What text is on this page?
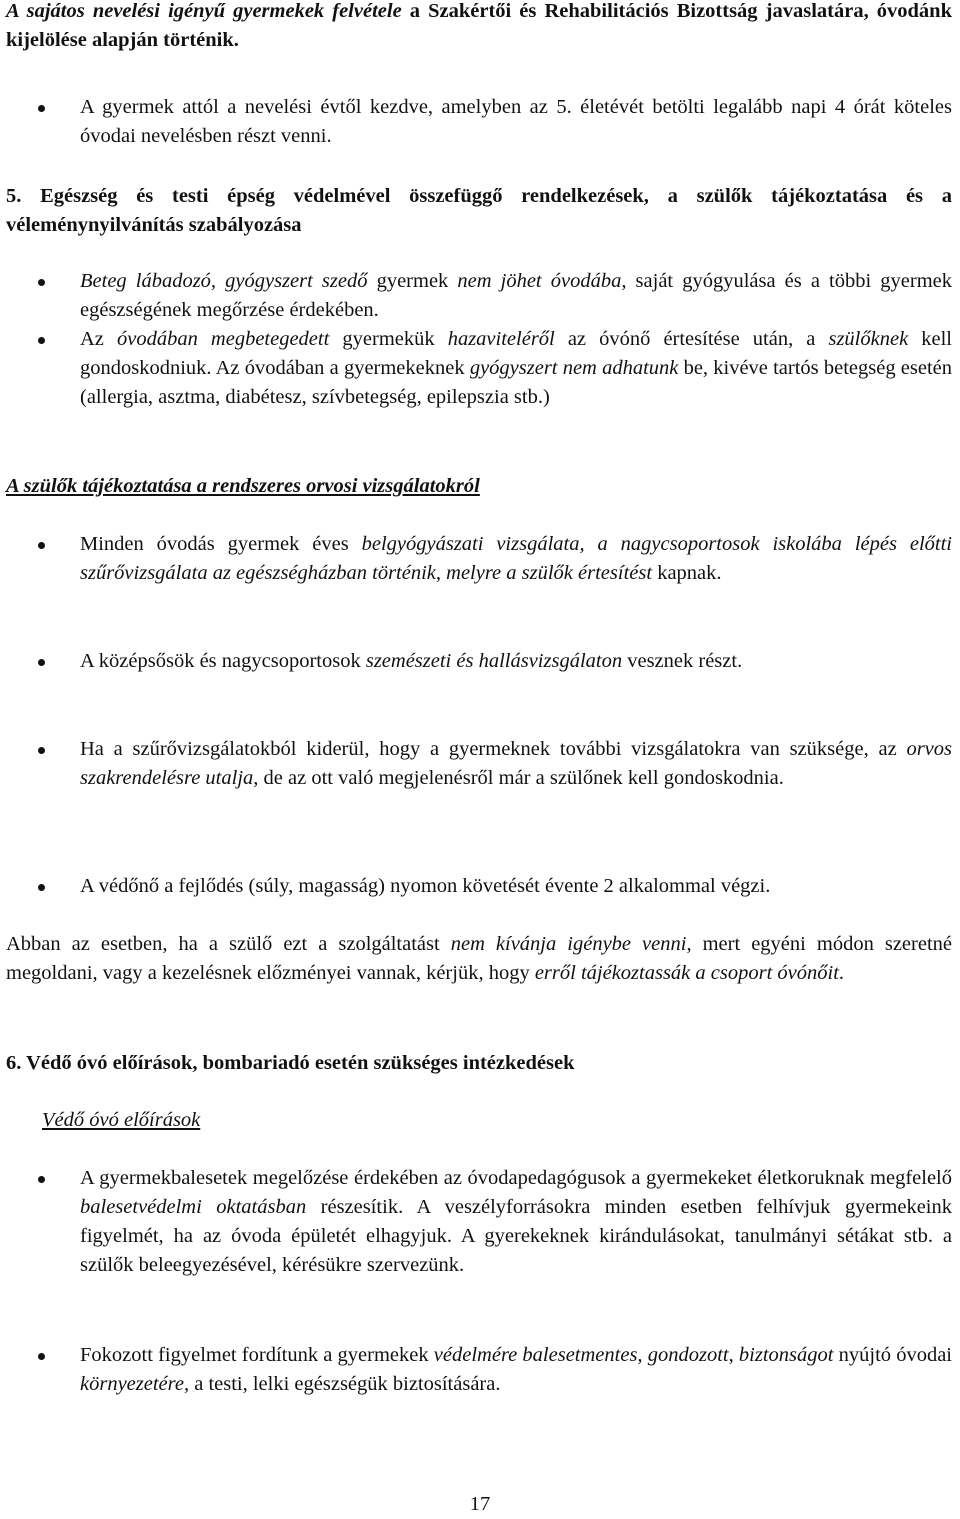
A sajátos nevelési igényű gyermekek felvétele a Szakértői és Rehabilitációs Bizottság javaslatára, óvodánk kijelölése alapján történik.

A gyermek attól a nevelési évtől kezdve, amelyben az 5. életévét betölti legalább napi 4 órát köteles óvodai nevelésben részt venni.

5. Egészség és testi épség védelmével összefüggő rendelkezések, a szülők tájékoztatása és a véleménynyilvánítás szabályozása

Beteg lábadozó, gyógyszert szedő gyermek nem jöhet óvodába, saját gyógyulása és a többi gyermek egészségének megőrzése érdekében.
Az óvodában megbetegedett gyermekük hazaviteléről az óvónő értesítése után, a szülőknek kell gondoskodniuk. Az óvodában a gyermekeknek gyógyszert nem adhatunk be, kivéve tartós betegség esetén (allergia, asztma, diabétesz, szívbetegség, epilepszia stb.)

A szülők tájékoztatása a rendszeres orvosi vizsgálatokról

Minden óvodás gyermek éves belgyógyászati vizsgálata, a nagycsoportosok iskolába lépés előtti szűrővizsgálata az egészségházban történik, melyre a szülők értesítést kapnak.
A középsősök és nagycsoportosok szemészeti és hallásvizsgálaton vesznek részt.
Ha a szűrővizsgálatokból kiderül, hogy a gyermeknek további vizsgálatokra van szüksége, az orvos szakrendelésre utalja, de az ott való megjelenésről már a szülőnek kell gondoskodnia.
A védőnő a fejlődés (súly, magasság) nyomon követését évente 2 alkalommal végzi.

Abban az esetben, ha a szülő ezt a szolgáltatást nem kívánja igénybe venni, mert egyéni módon szeretné megoldani, vagy a kezelésnek előzményei vannak, kérjük, hogy erről tájékoztassák a csoport óvónőit.

6. Védő óvó előírások, bombariadó esetén szükséges intézkedések

Védő óvó előírások

A gyermekbalesetek megelőzése érdekében az óvodapedagógusok a gyermekeket életkoruknak megfelelő balesetvédelmi oktatásban részesítik. A veszélyforrásokra minden esetben felhívjuk gyermekeink figyelmét, ha az óvoda épületét elhagyjuk. A gyerekeknek kirándulásokat, tanulmányi sétákat stb. a szülők beleegyezésével, kérésükre szervezünk.
Fokozott figyelmet fordítunk a gyermekek védelmére balesetmentes, gondozott, biztonságot nyújtó óvodai környezetére, a testi, lelki egészségük biztosítására.
17
